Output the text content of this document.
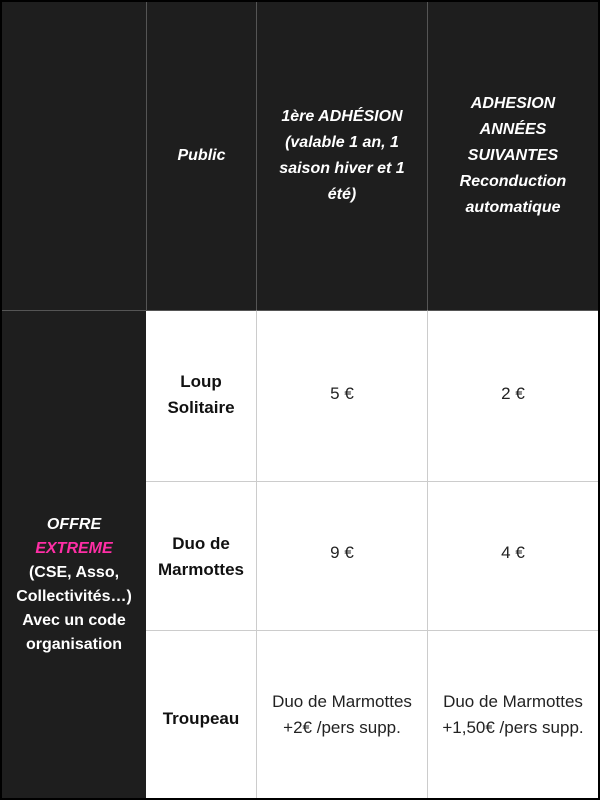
Public
1ère ADHÉSION (valable 1 an, 1 saison hiver et 1 été)
ADHESION ANNÉES SUIVANTES Reconduction automatique
OFFRE
EXTREME
(CSE, Asso, Collectivités…)
Avec un code organisation
Loup Solitaire
5 €	2 €
Duo de Marmottes
9 €	4 €
Troupeau
Duo de Marmottes +2€ /pers supp.
Duo de Marmottes +1,50€ /pers supp.
